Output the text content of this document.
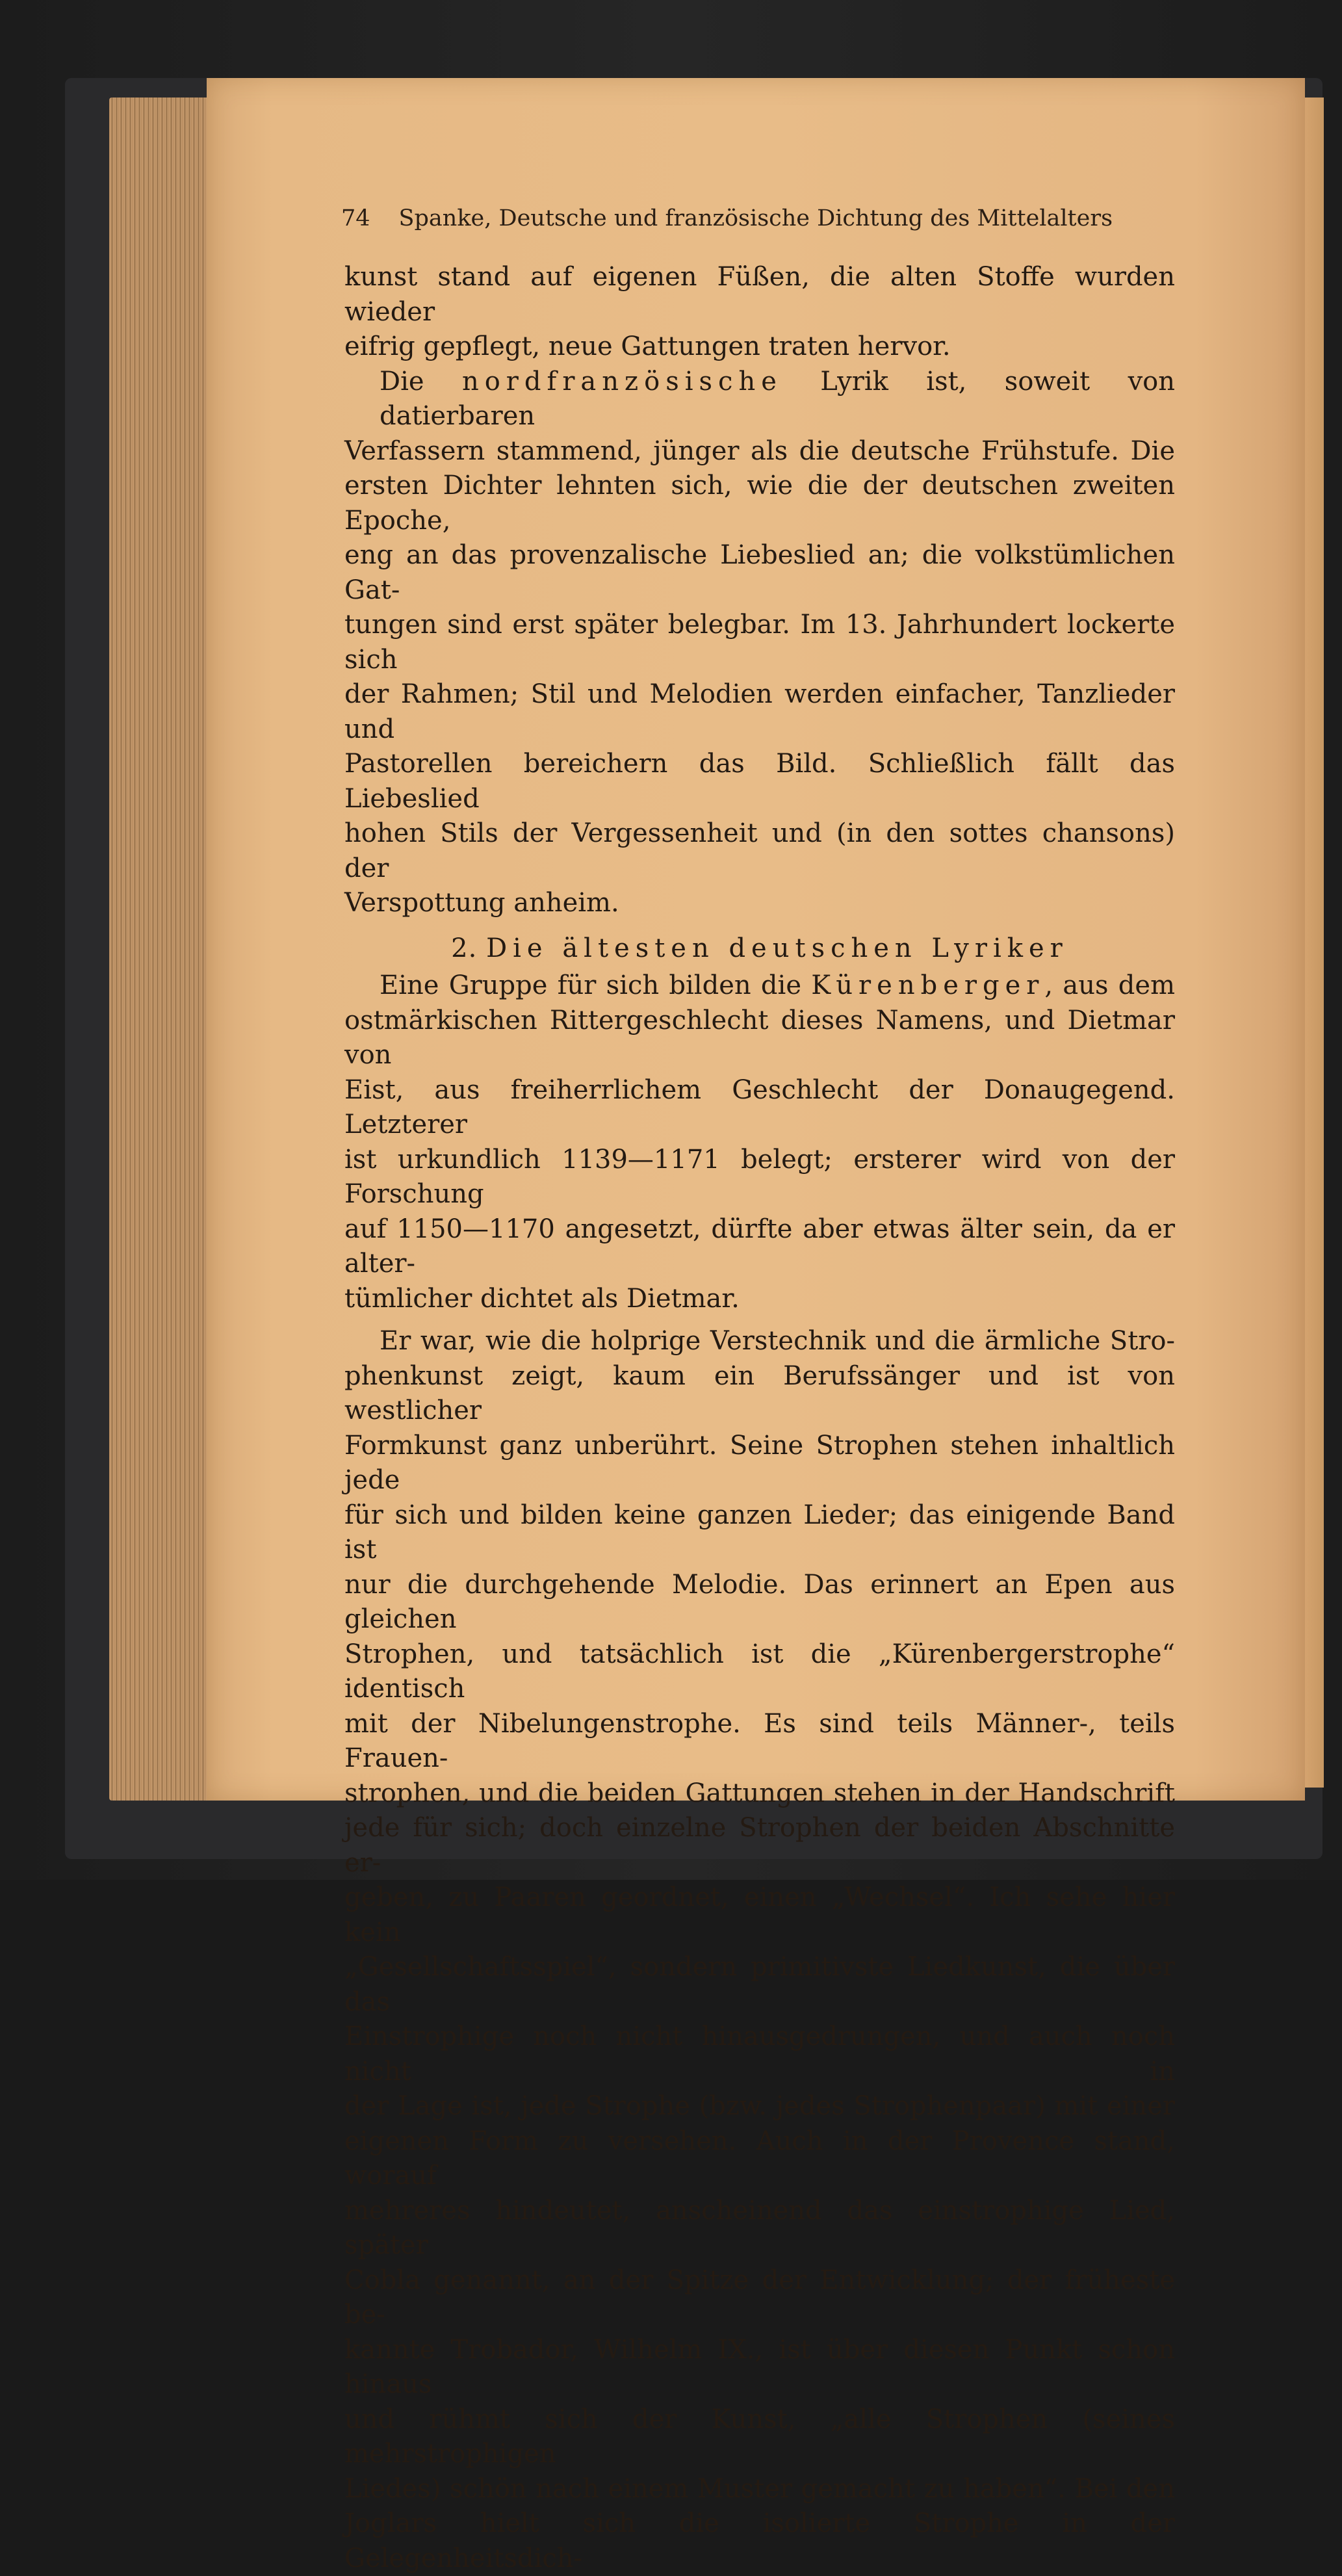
74 Spanke, Deutsche und französische Dichtung des Mittelalters
kunst stand auf eigenen Füßen, die alten Stoffe wurden wieder
eifrig gepflegt, neue Gattungen traten hervor.
Die nordfranzösische Lyrik ist, soweit von datierbaren
Verfassern stammend, jünger als die deutsche Frühstufe. Die
ersten Dichter lehnten sich, wie die der deutschen zweiten Epoche,
eng an das provenzalische Liebeslied an; die volkstümlichen Gat-
tungen sind erst später belegbar. Im 13. Jahrhundert lockerte sich
der Rahmen; Stil und Melodien werden einfacher, Tanzlieder und
Pastorellen bereichern das Bild. Schließlich fällt das Liebeslied
hohen Stils der Vergessenheit und (in den sottes chansons) der
Verspottung anheim.
2. Die ältesten deutschen Lyriker
Eine Gruppe für sich bilden die Kürenberger, aus dem
ostmärkischen Rittergeschlecht dieses Namens, und Dietmar von
Eist, aus freiherrlichem Geschlecht der Donaugegend. Letzterer
ist urkundlich 1139—1171 belegt; ersterer wird von der Forschung
auf 1150—1170 angesetzt, dürfte aber etwas älter sein, da er alter-
tümlicher dichtet als Dietmar.
Er war, wie die holprige Verstechnik und die ärmliche Stro-
phenkunst zeigt, kaum ein Berufssänger und ist von westlicher
Formkunst ganz unberührt. Seine Strophen stehen inhaltlich jede
für sich und bilden keine ganzen Lieder; das einigende Band ist
nur die durchgehende Melodie. Das erinnert an Epen aus gleichen
Strophen, und tatsächlich ist die „Kürenbergerstrophe“ identisch
mit der Nibelungenstrophe. Es sind teils Männer-, teils Frauen-
strophen, und die beiden Gattungen stehen in der Handschrift
jede für sich; doch einzelne Strophen der beiden Abschnitte er-
geben, zu Paaren geordnet, einen „Wechsel“. Ich sehe hier kein
„Gesellschaftsspiel“, sondern primitivste Liedkunst, die über das
Einstrophige noch nicht hinausgedrungen, und auch noch nicht in
der Lage ist, jede Strophe (bzw. jedes Strophenpaar) mit einer
eigenen Form zu versehen. Auch in der Provence stand, worauf
mehreres hindeutet, anscheinend das einstrophige Lied, später
Cobla genannt, an der Spitze der Entwicklung; der früheste be-
kannte Trobador, Wilhelm IX., ist über diesen Punkt schon hinaus
und rühmt sich der Kunst, „alle Strophen (seines mehrstrophigen
Liedes) schön nach einem Muster gemacht zu haben“. Bei den
Joglars hielt sich die isolierte Strophe in der Gelegenheitsdich-
